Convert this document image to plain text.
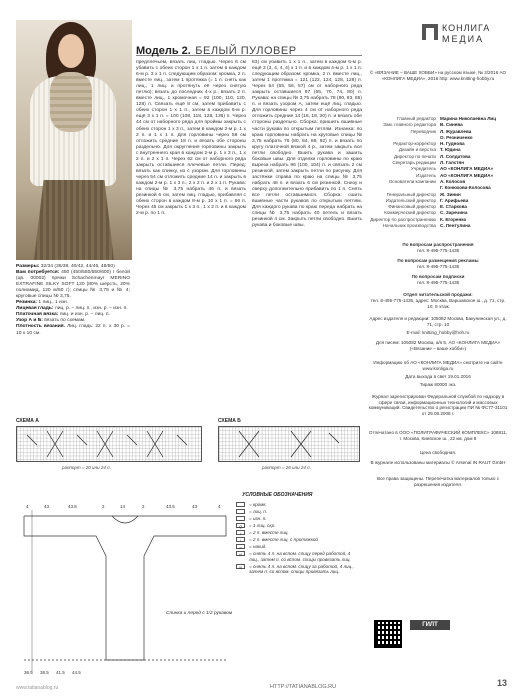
Модель 2. БЕЛЫЙ ПУЛОВЕР
Размеры: 32/34 (36/38, 40/42, 44/46, 48/50)
Вам потребуется: 450 (450/550/550/600) г белой (цв. 00002) пряжи Schachenmayr MERINO EXTRAFINE SILKY SOFT 120 (80% шерсть, 20% полиамид, 120 м/50 г); спицы № 3,75 и № 4; круговые спицы № 3,75.
Резинка: 1 лиц., 1 изн.
Лицевая гладь: лиц. р. – лиц. п., изн. р. – изн. п.
Платочная вязка: лиц. и изн. р. – лиц. п.
Узор А и Б: вязать по схемам.
Плотность вязания. Лиц. гладь: 22 п. х 30 р. = 10 х 10 см.
предплечьем, вязать лиц. гладью. Через 6 см убавить с обеих сторон 1 х 1 п. затем в каждом 6-м р. 3 х 1 п. следующим образом: кромка, 2 п. вместе лиц., затем 1 протяжка (= 1 п. снять как лиц., 1 лиц. и протянуть её через снятую петлю); вязать до последних 4-х р., вязать 2 п. вместе лиц., 1 кромочная = 92 (100, 110, 120, 128) п. Связать ещё 8 см, затем прибавить с обеих сторон 1 х 1 п., затем в каждом 6-м р. ещё 3 х 1 п. = 100 (108, 118, 128, 136) п. Через 44 см от наборного ряда для проймы закрыть с обеих сторон 1 х 3 п., затем в каждом 2-м р. 1 х 2 п. и 1 х 1 п. Для горловины через 58 см отложить средние 18 п. и вязать обе стороны раздельно. Для округления горловины закрыть с внутреннего края в каждом 2-м р. 1 х 3 п., 1 х 2 п. и 2 х 1 п. Через 62 см от наборного ряда закрыть оставшиеся плечевые петли. Перед: вязать как спинку, но с узором. Для горловины через 54 см отложить средние 14 п. и закрыть в каждом 2-м р. 1 х 3 п., 2 х 2 п. и 2 х 1 п. Рукава: на спицы № 3,75 набрать 46 п. и вязать резинкой 6 см, затем лиц. гладью, прибавляя с обеих сторон в каждом 8-м р. 10 х 1 п. = 66 п. Через 45 см закрыть 1 х 3 п., 1 х 2 п. и в каждом 2-м р. по 1 п.
83) см убавить 1 х 1 п., затем в каждом 6-м р. ещё 3 (3, 4, 4, 4) х 1 п. и в каждом 4-м р. 1 х 1 п. следующим образом: кромка, 2 п. вместе лиц., затем 1 протяжка = 121 (122, 124, 128, 128) п. Через 54 (55, 56, 57) см от наборного ряда закрыть оставшиеся 97 (65, 70, 74, 80) п. Рукава: на спицы № 3,75 набрать 78 (80, 83, 86) п. и вязать узором А, затем ещё лиц. гладью. Для горловины через 4 см от наборного ряда отложить средние 14 (16, 18, 20) п. и вязать обе стороны раздельно. Сборка: пришить вшивные части рукава по открытым петлям. Изнанка: по краю горловины набрать на круговые спицы № 3,75 набрать 76 (80, 84, 88, 92) п. и вязать по кругу платочной вязкой 4 р., затем закрыть все петли свободно. Вшить рукава и зашить боковые швы. Для отделки горловины по краю выреза набрать 96 (100, 104) п. и связать 2 см резинкой, затем закрыть петли по рисунку. Для застёжки справа по краю на спицы № 3,75 набрать 48 п. и вязать 6 см резинкой. Снизу и сверху дополнительно прибавить по 1 п. Снять все петли оставшимися. Сборка: сшить вшивные части рукавов по открытым петлям. Для каждого рукава по краю переда набрать на спицы № 3,75 набрать 40 петель и вязать резинкой 4 см. Закрыть петли свободно. Вшить рукава и боковые швы.
СХЕМА А
раппорт = 20 или 24 п.
СХЕМА Б
раппорт = 26 или 24 п.
4	43	43.5	2	14	2	43.5	43	4
36.5 38.5 41.5 44.5
Спинка и перед с 1/2 рукавом
УСЛОВНЫЕ ОБОЗНАЧЕНИЯ
= кромк.
= лиц. п.
–	= изн. п.
Q	= 1 лиц. скр.
/	= 2 п. вместе лиц.
\	= 2 п. вместе лиц. с протяжкой
o	= накид
///	= снять 4 п. на вспом. спицу перед работой, 4 лиц., затем п. со вспом. спицы провязать лиц.
\\\	= снять 4 п. на вспом. спицу за работой, 4 лиц., затем п. со вспом. спицы провязать лиц.
КОНЛИГА
МЕДИА
© «ВЯЗАНИЕ – ВАШЕ ХОББИ» на русском языке, № 2/2016 АО «КОНЛИГА МЕДИА», 2016 http: www.knitting-hobby.ru
Главный редактор Марина Николаевна Лиц
Зам. главного редактора В. Синева
Переводчик Л. Журавлева
О. Резниченко
Редактор-корректор Н. Гуднова
Дизайн и верстка Т. Юдина
Директор по печати Л. Солдатова
Секретарь редакции Л. Галстян
Учредитель АО «КОНЛИГА МЕДИА»
Издатель АО «КОНЛИГА МЕДИА»
Основатели компании А. Колосов
Г. Конюхова-Колосова
Генеральный директор Ж. Зинин
Издательский директор Г. Арифьева
Финансовый директор Е. Старкова
Коммерческий директор С. Заречина
Директор по распространению К. Егоренко
Начальник производства С. Пентулина
По вопросам распространения
тел. 8-495-775-1435
По вопросам размещения рекламы
тел. 8-495-775-1435
По вопросам подписки
тел. 8-495-775-1435
Отдел читательской продажи:
тел. 8-495-775-1435, адрес: Москва, Варшавское ш., д. 71, стр. 10, 9 этаж
Адрес издателя и редакции: 105082 Москва, Бакунинская ул., д. 71, стр. 10
E-mail: knitting_hobby@hoh.ru
Для писем: 105082 Москва, а/я 5, АО «КОНЛИГА МЕДИА» («Вязание – ваше хобби»)
Информацию об АО «КОНЛИГА МЕДИА» смотрите на сайте www.konliga.ru
Дата выхода в свет 19.01.2016
Тираж 80000 экз.
Журнал зарегистрирован Федеральной службой по надзору в сфере связи, информационных технологий и массовых коммуникаций. Свидетельство о регистрации ПИ № ФС77-31101 от 29.08.2008 г.
Отпечатано в ООО «ПОЛИГРАФИЧЕСКИЙ КОМПЛЕКС» 108811, г. Москва, Киевское ш., 22 км, дом 8
Цена свободная.
В журнале использованы материалы © Arsenal IN RAUT GmbH
Все права защищены. Перепечатка материалов только с разрешения издателя.
ГИЛТ
www.tatianablog.ru	HTTP://TATIANABLOG.RU	13
